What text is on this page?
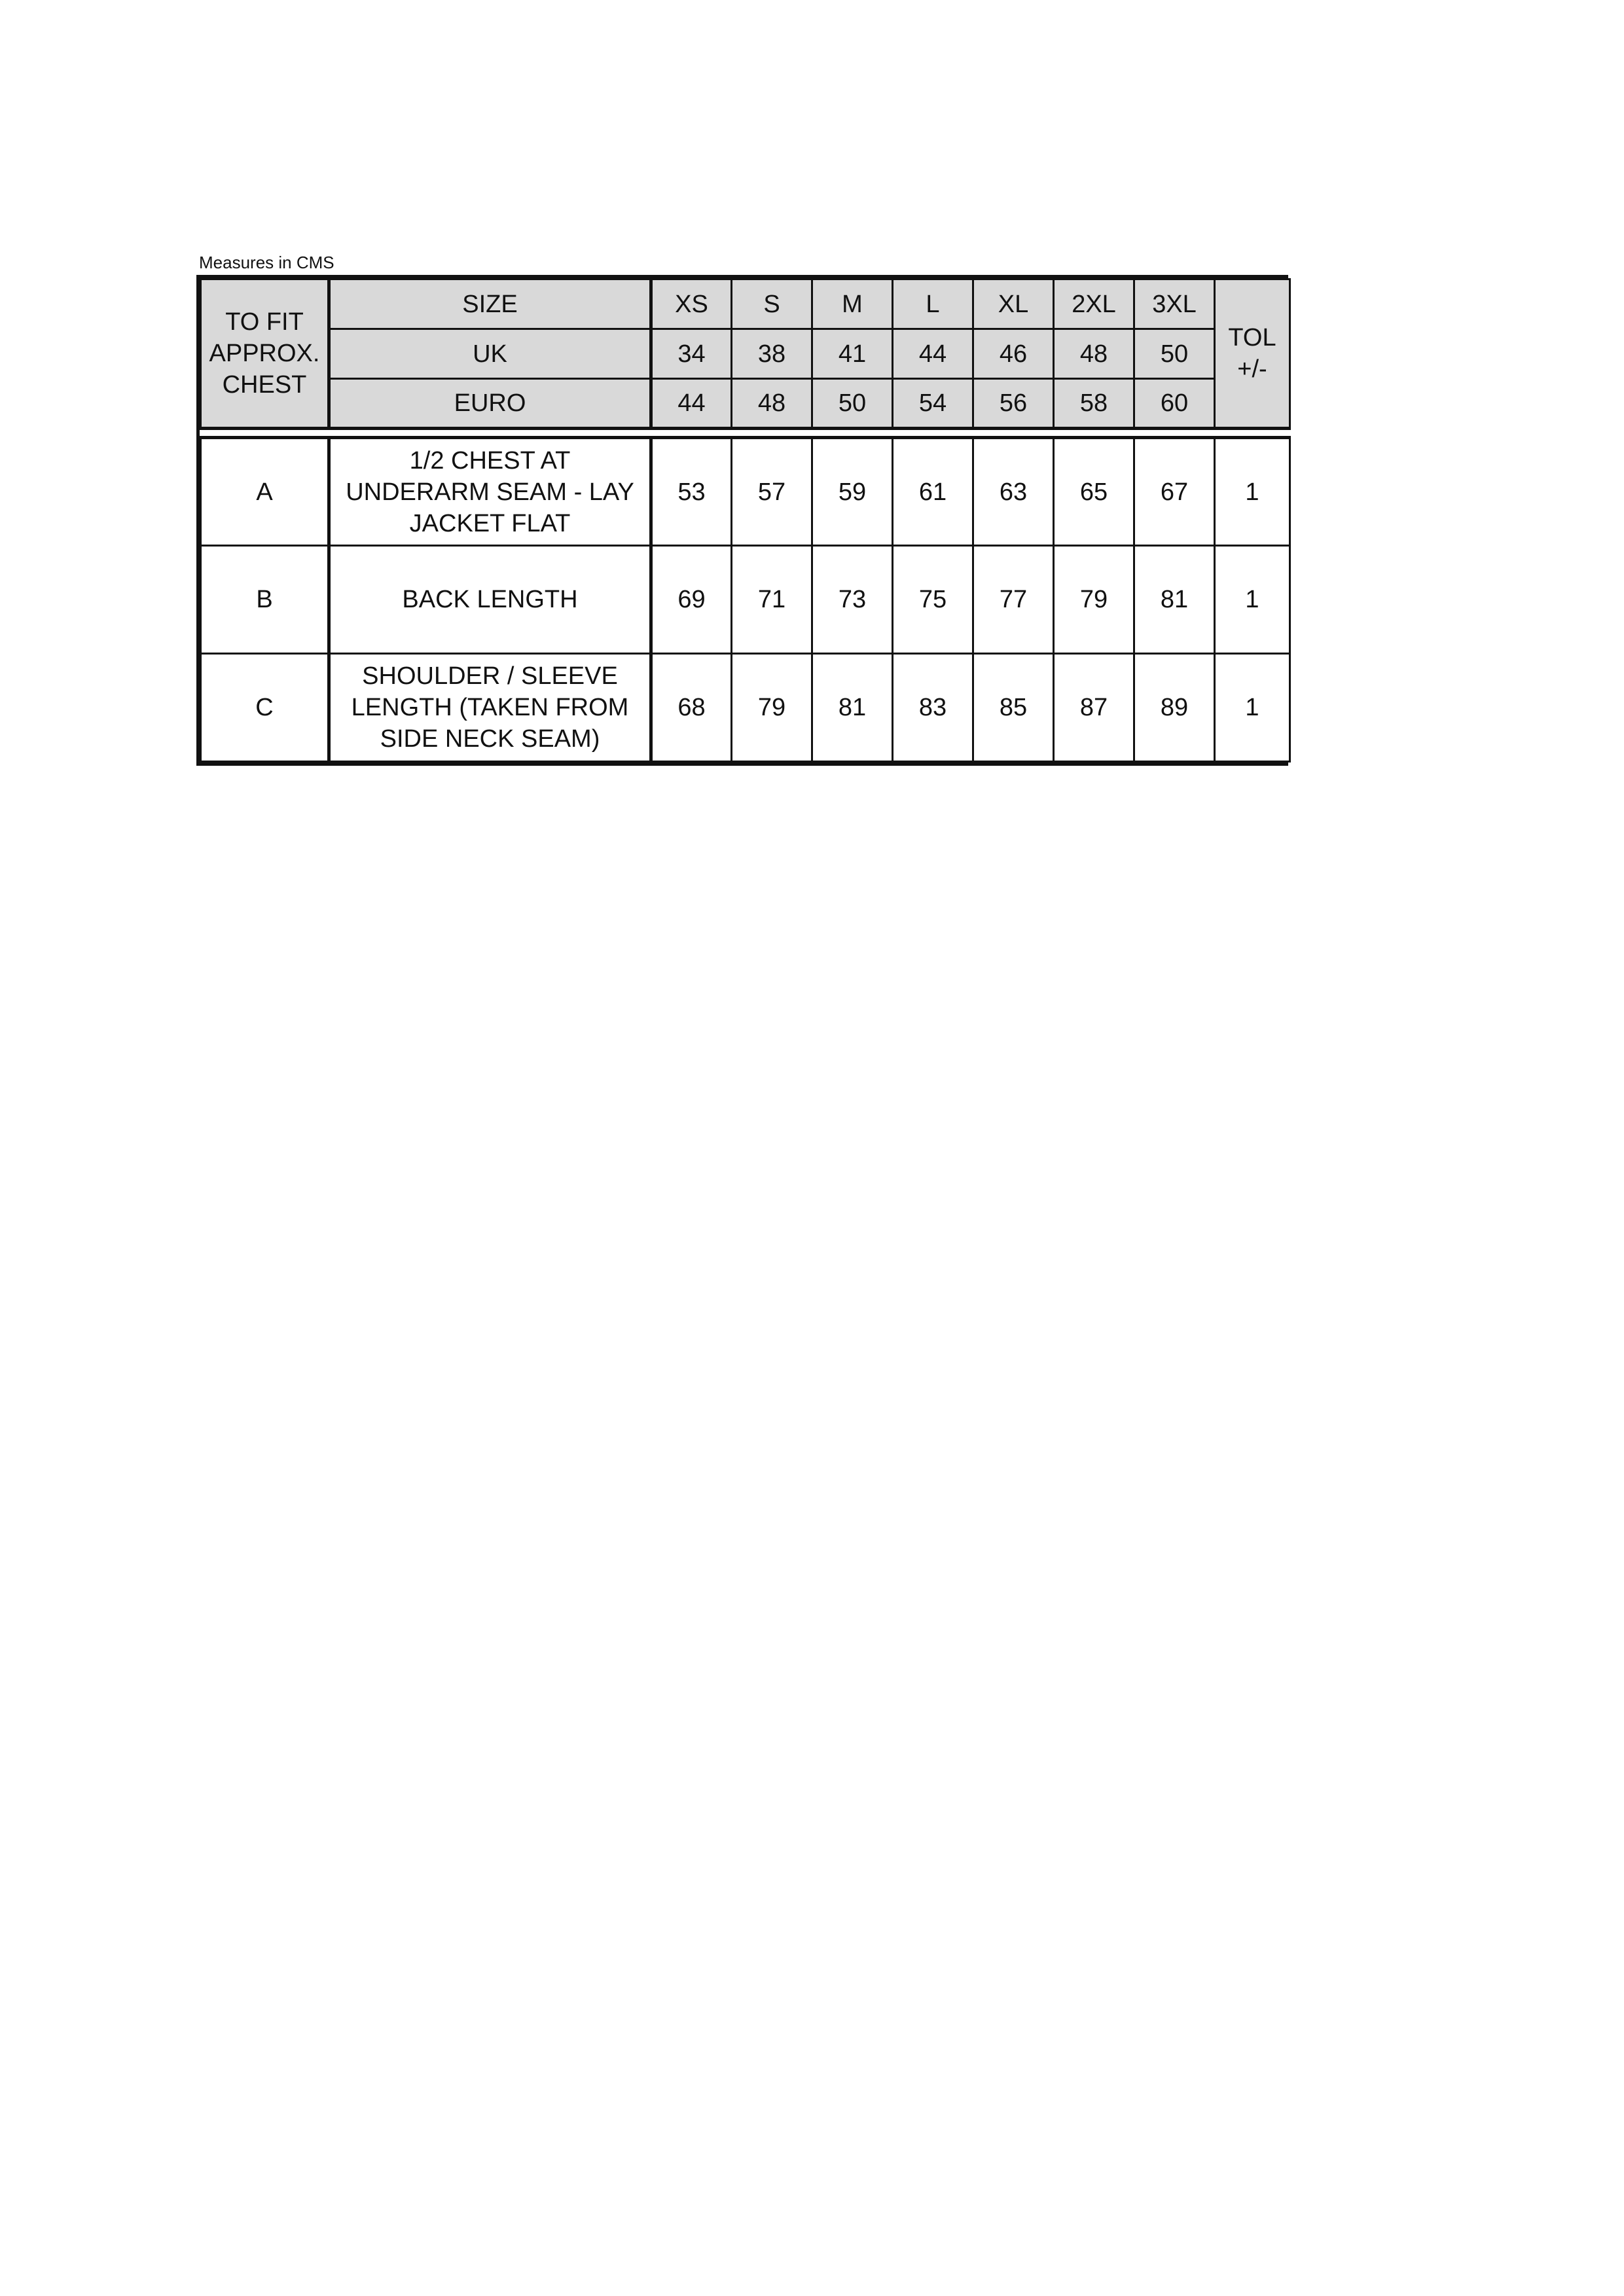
Measures in CMS
TO FIT
APPROX.
CHEST	SIZE	XS	S	M	L	XL	2XL	3XL	TOL
+/-

	UK	34	38	41	44	46	48	50	
	EURO	44	48	50	54	56	58	60	

A	1/2 CHEST AT
UNDERARM SEAM - LAY
JACKET FLAT	53	57	59	61	63	65	67	1
B	BACK LENGTH	69	71	73	75	77	79	81	1
C	SHOULDER / SLEEVE
LENGTH (TAKEN FROM
SIDE NECK SEAM)	68	79	81	83	85	87	89	1
